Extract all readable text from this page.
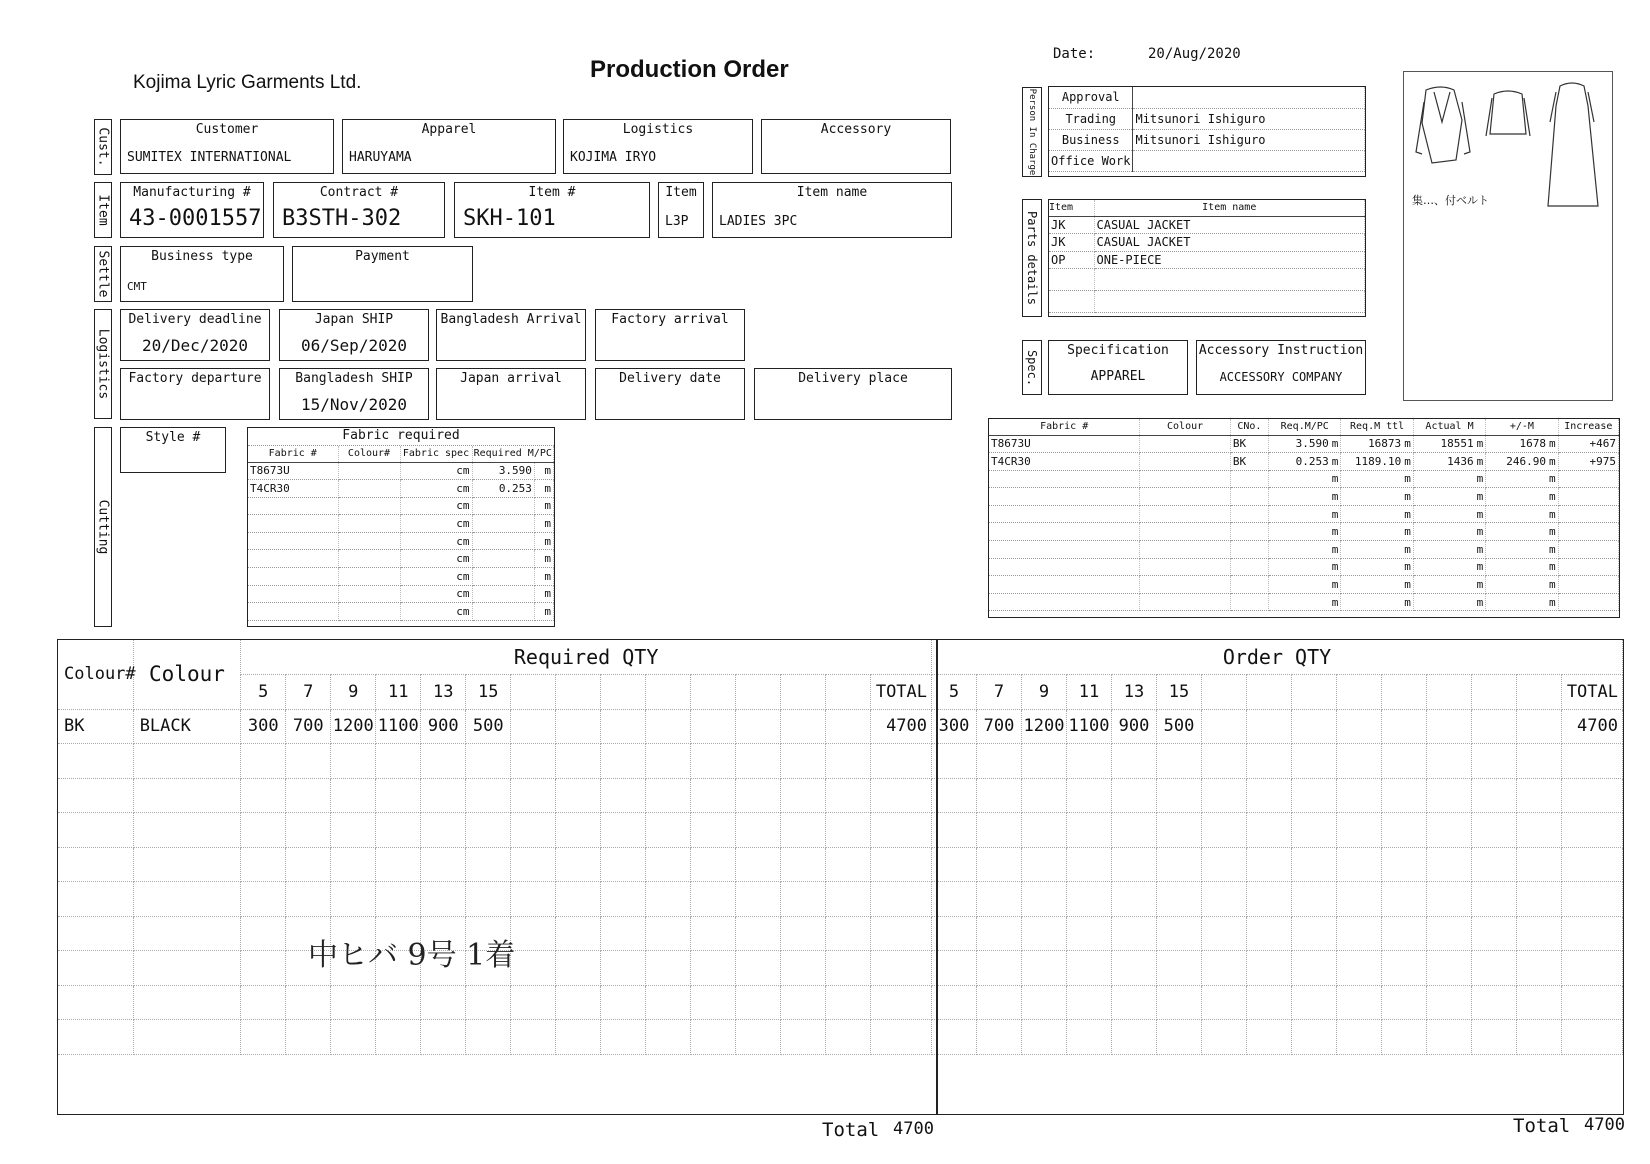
Kojima Lyric Garments Ltd.	Production Order
Date:	20/Aug/2020
Cust.	Customer
SUMITEX INTERNATIONAL
Apparel
HARUYAMA
Logistics
KOJIMA IRYO
Accessory
Item
Manufacturing #
43-0001557
Contract #
B3STH-302
Item #
SKH-101
Item
L3P
Item name
LADIES 3PC
Settle	Business type
CMT
Payment
Logistics
Delivery deadline
20/Dec/2020
Japan SHIP
06/Sep/2020
Bangladesh Arrival	Factory arrival
Factory departure	Bangladesh SHIP
15/Nov/2020
Japan arrival	Delivery date	Delivery place
Cutting
Style #	Fabric required
Fabric #	Colour#	Fabric spec	Required M/PC	
T8673U		cm	3.590	m
T4CR30		cm	0.253	m
		cm		m
		cm		m
		cm		m
		cm		m
		cm		m
		cm		m
		cm		m
Person In Charge Approval	
Trading	Mitsunori Ishiguro
Business	Mitsunori Ishiguro
Office Work	
Parts details
Item	Item name
JK	CASUAL JACKET
JK	CASUAL JACKET
OP	ONE-PIECE

Spec.	Specification
APPAREL
Accessory Instruction
ACCESSORY COMPANY
集…、付ベルト
Fabric #	Colour	CNo.	Req.M/PC	Req.M ttl	Actual M	+/-M	Increase
T8673U		BK	3.590 m	16873 m	18551 m	1678 m	+467
T4CR30		BK	0.253 m	1189.10 m	1436 m	246.90 m	+975
			m	m	m	m	
			m	m	m	m	
			m	m	m	m	
			m	m	m	m	
			m	m	m	m	
			m	m	m	m	
			m	m	m	m	
			m	m	m	m	
Colour#	Colour	Required QTY															Order QTY														
		5	7	9	11	13	15									TOTAL	5	7	9	11	13	15									TOTAL
BK	BLACK	300	700	1200	1100	900	500									4700	300	700	1200	1100	900	500									4700

中ヒバ 9号 1着
Total 4700	Total 4700
